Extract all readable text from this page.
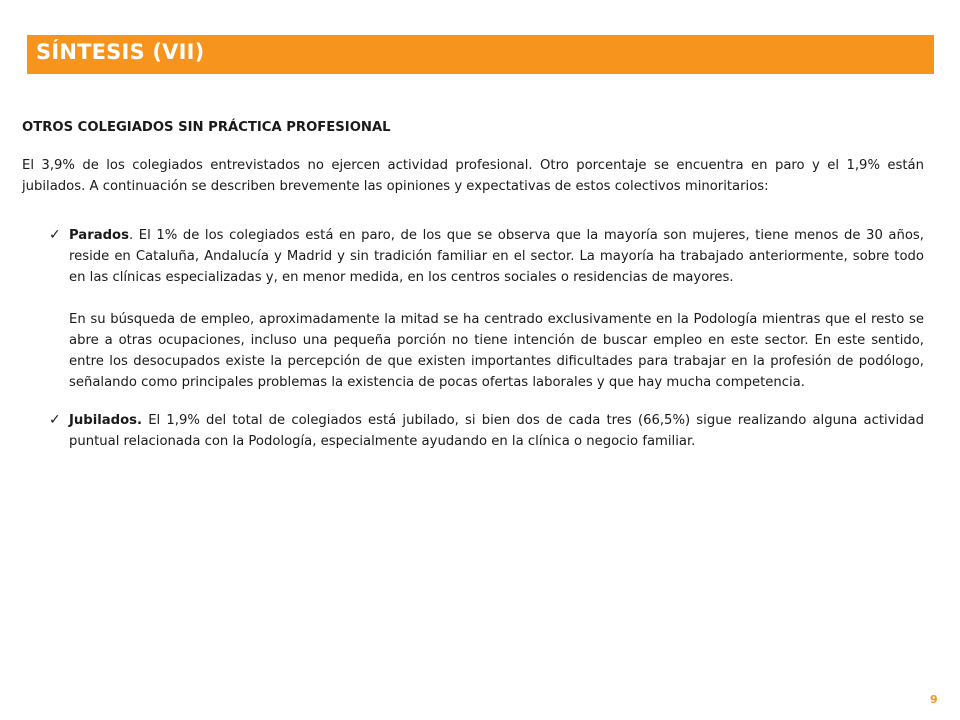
SÍNTESIS (VII)
OTROS COLEGIADOS SIN PRÁCTICA PROFESIONAL

El 3,9% de los colegiados entrevistados no ejercen actividad profesional. Otro porcentaje se encuentra en paro y el 1,9% están jubilados. A continuación se describen brevemente las opiniones y expectativas de estos colectivos minoritarios:

✓ Parados. El 1% de los colegiados está en paro, de los que se observa que la mayoría son mujeres, tiene menos de 30 años, reside en Cataluña, Andalucía y Madrid y sin tradición familiar en el sector. La mayoría ha trabajado anteriormente, sobre todo en las clínicas especializadas y, en menor medida, en los centros sociales o residencias de mayores.

En su búsqueda de empleo, aproximadamente la mitad se ha centrado exclusivamente en la Podología mientras que el resto se abre a otras ocupaciones, incluso una pequeña porción no tiene intención de buscar empleo en este sector. En este sentido, entre los desocupados existe la percepción de que existen importantes dificultades para trabajar en la profesión de podólogo, señalando como principales problemas la existencia de pocas ofertas laborales y que hay mucha competencia.

✓ Jubilados. El 1,9% del total de colegiados está jubilado, si bien dos de cada tres (66,5%) sigue realizando alguna actividad puntual relacionada con la Podología, especialmente ayudando en la clínica o negocio familiar.

9
